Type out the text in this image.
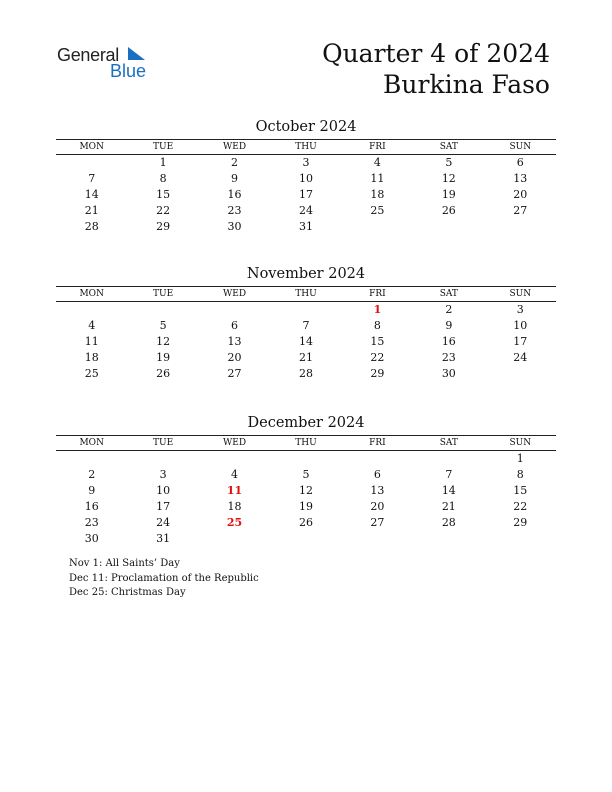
General
Blue
Quarter 4 of 2024
Burkina Faso
October 2024
MON	TUE	WED	THU	FRI	SAT	SUN
	1	2	3	4	5	6
7	8	9	10	11	12	13
14	15	16	17	18	19	20
21	22	23	24	25	26	27
28	29	30	31			
November 2024
MON	TUE	WED	THU	FRI	SAT	SUN
				1	2	3
4	5	6	7	8	9	10
11	12	13	14	15	16	17
18	19	20	21	22	23	24
25	26	27	28	29	30	
December 2024
MON	TUE	WED	THU	FRI	SAT	SUN
						1
2	3	4	5	6	7	8
9	10	11	12	13	14	15
16	17	18	19	20	21	22
23	24	25	26	27	28	29
30	31					
Nov 1: All Saints’ Day
Dec 11: Proclamation of the Republic
Dec 25: Christmas Day
